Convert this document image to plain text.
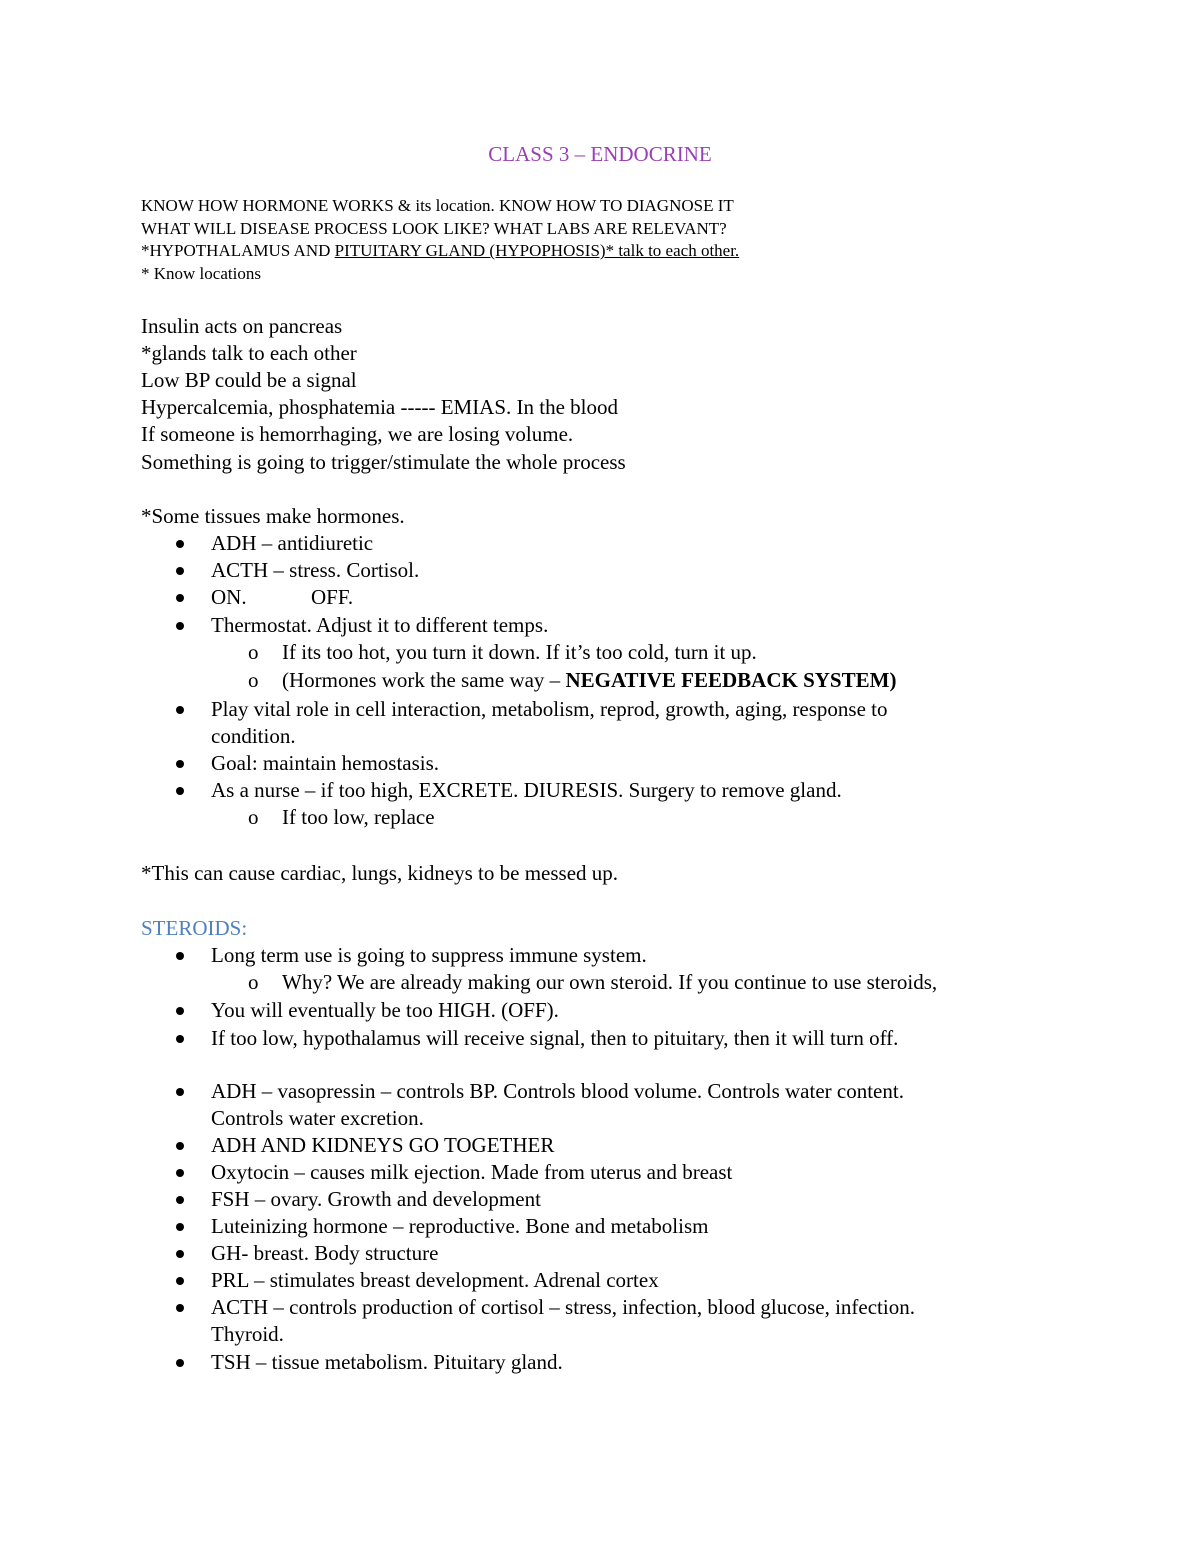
CLASS 3 – ENDOCRINE
KNOW HOW HORMONE WORKS & its location. KNOW HOW TO DIAGNOSE IT
WHAT WILL DISEASE PROCESS LOOK LIKE? WHAT LABS ARE RELEVANT?
*HYPOTHALAMUS AND PITUITARY GLAND (HYPOPHOSIS)* talk to each other.
* Know locations
Insulin acts on pancreas
*glands talk to each other
Low BP could be a signal
Hypercalcemia, phosphatemia ----- EMIAS. In the blood
If someone is hemorrhaging, we are losing volume.
Something is going to trigger/stimulate the whole process
*Some tissues make hormones.
ADH – antidiuretic
ACTH – stress. Cortisol.
ON.	OFF.
Thermostat. Adjust it to different temps.
o If its too hot, you turn it down. If it’s too cold, turn it up.
o (Hormones work the same way – NEGATIVE FEEDBACK SYSTEM)
Play vital role in cell interaction, metabolism, reprod, growth, aging, response to
condition.
Goal: maintain hemostasis.
As a nurse – if too high, EXCRETE. DIURESIS. Surgery to remove gland.
o If too low, replace
*This can cause cardiac, lungs, kidneys to be messed up.
STEROIDS:
Long term use is going to suppress immune system.
o Why? We are already making our own steroid. If you continue to use steroids,
You will eventually be too HIGH. (OFF).
If too low, hypothalamus will receive signal, then to pituitary, then it will turn off.
ADH – vasopressin – controls BP. Controls blood volume. Controls water content.
Controls water excretion.
ADH AND KIDNEYS GO TOGETHER
Oxytocin – causes milk ejection. Made from uterus and breast
FSH – ovary. Growth and development
Luteinizing hormone – reproductive. Bone and metabolism
GH- breast. Body structure
PRL – stimulates breast development. Adrenal cortex
ACTH – controls production of cortisol – stress, infection, blood glucose, infection.
Thyroid.
TSH – tissue metabolism. Pituitary gland.
